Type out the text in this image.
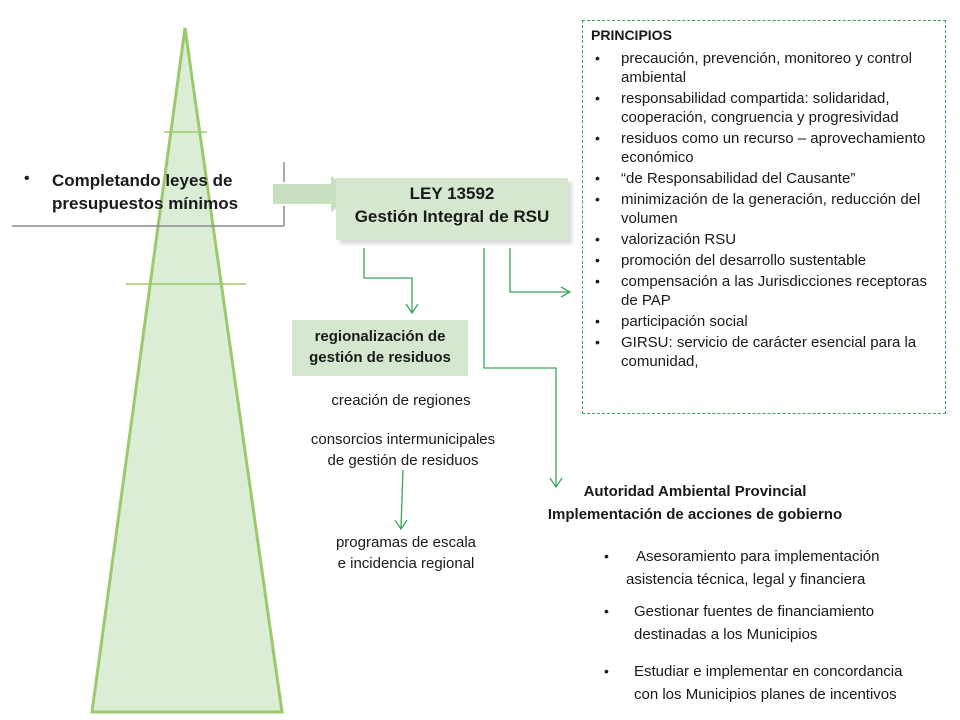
• Completando leyes de presupuestos mínimos
LEY 13592
Gestión Integral de RSU
regionalización de gestión de residuos
creación de regiones
consorcios intermunicipales
de gestión de residuos
programas de escala
e incidencia regional
PRINCIPIOS
• precaución, prevención, monitoreo y control ambiental
• responsabilidad compartida: solidaridad, cooperación, congruencia y progresividad
• residuos como un recurso – aprovechamiento económico
• “de Responsabilidad del Causante”
• minimización de la generación, reducción del volumen
• valorización RSU
• promoción del desarrollo sustentable
• compensación a las Jurisdicciones receptoras de PAP
• participación social
• GIRSU: servicio de carácter esencial para la comunidad,
Autoridad Ambiental Provincial
Implementación de acciones de gobierno
•	Asesoramiento para implementación
asistencia técnica, legal y financiera
• Gestionar fuentes de financiamiento
destinadas a los Municipios
• Estudiar e implementar en concordancia
con los Municipios planes de incentivos
